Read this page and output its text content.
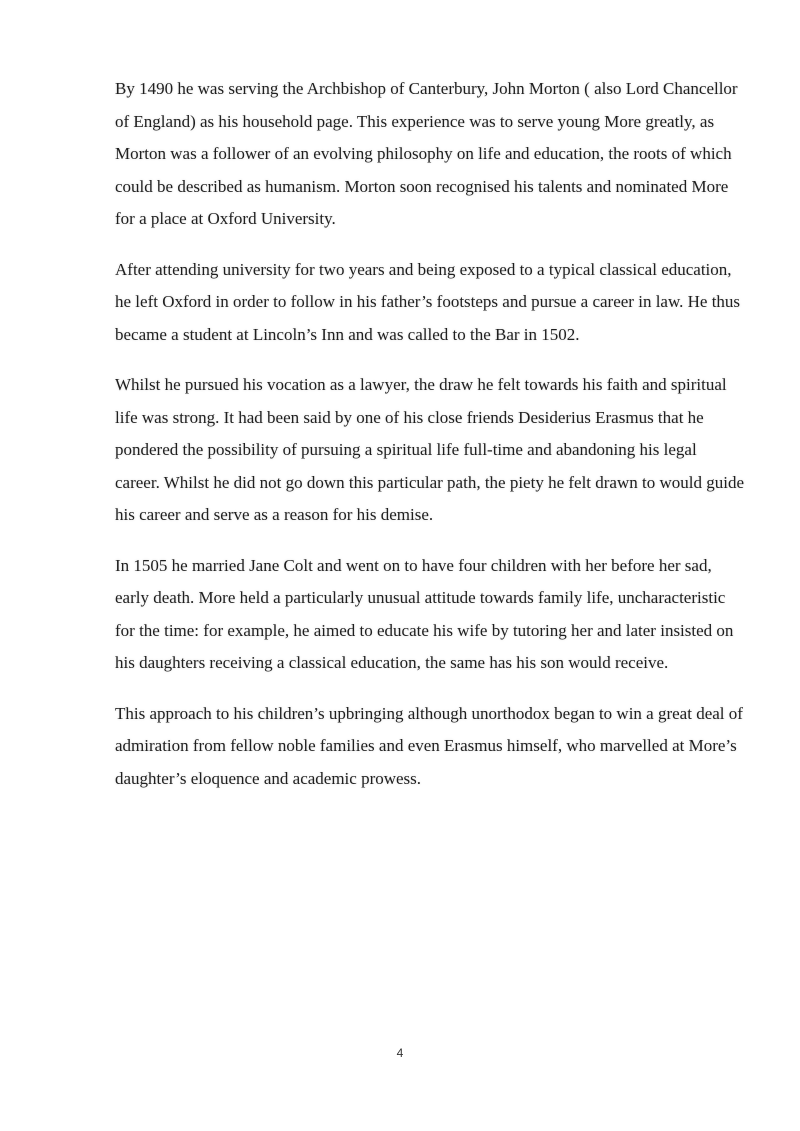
By 1490 he was serving the Archbishop of Canterbury, John Morton ( also Lord Chancellor of England) as his household page. This experience was to serve young More greatly, as Morton was a follower of an evolving philosophy on life and education, the roots of which could be described as humanism. Morton soon recognised his talents and nominated More for a place at Oxford University.

After attending university for two years and being exposed to a typical classical education, he left Oxford in order to follow in his father’s footsteps and pursue a career in law. He thus became a student at Lincoln’s Inn and was called to the Bar in 1502.

Whilst he pursued his vocation as a lawyer, the draw he felt towards his faith and spiritual life was strong. It had been said by one of his close friends Desiderius Erasmus that he pondered the possibility of pursuing a spiritual life full-time and abandoning his legal career. Whilst he did not go down this particular path, the piety he felt drawn to would guide his career and serve as a reason for his demise.

In 1505 he married Jane Colt and went on to have four children with her before her sad, early death. More held a particularly unusual attitude towards family life, uncharacteristic for the time: for example, he aimed to educate his wife by tutoring her and later insisted on his daughters receiving a classical education, the same has his son would receive.

This approach to his children’s upbringing although unorthodox began to win a great deal of admiration from fellow noble families and even Erasmus himself, who marvelled at More’s daughter’s eloquence and academic prowess.

4
